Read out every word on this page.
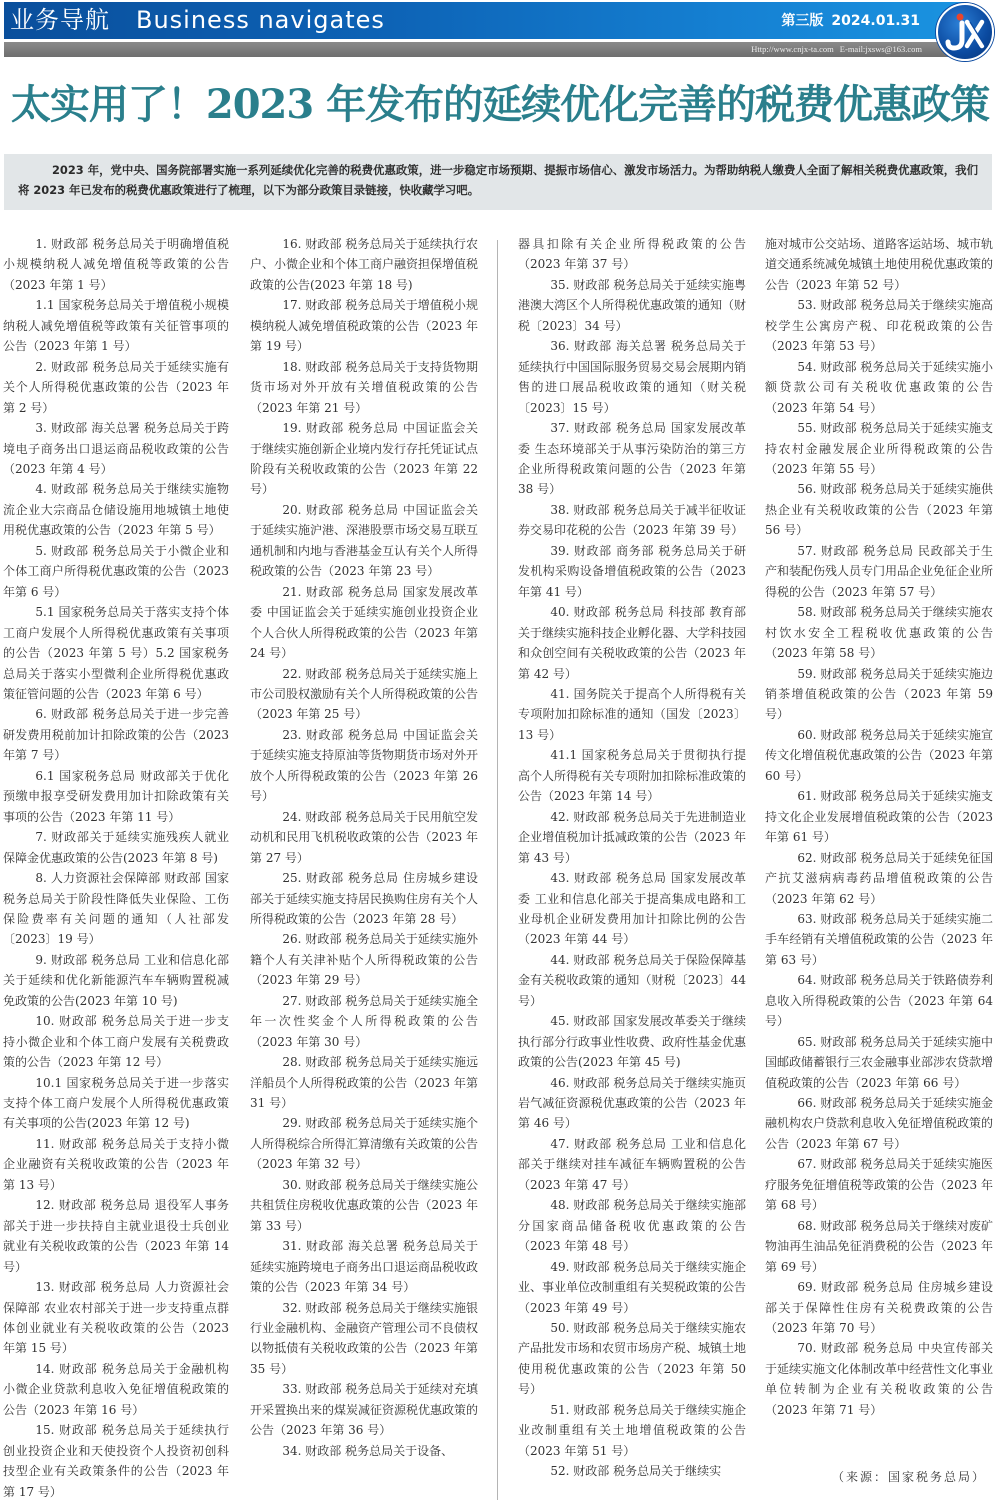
业务导航 Business navigates	第三版 2024.01.31
Http://www.cnjx-ta.com E-mail:jxsws@163.com
太实用了！2023 年发布的延续优化完善的税费优惠政策
2023 年，党中央、国务院部署实施一系列延续优化完善的税费优惠政策，进一步稳定市场预期、提振市场信心、激发市场活力。为帮助纳税人缴费人全面了解相关税费优惠政策，我们将 2023 年已发布的税费优惠政策进行了梳理，以下为部分政策目录链接，快收藏学习吧。

1. 财政部 税务总局关于明确增值税小规模纳税人减免增值税等政策的公告（2023 年第 1 号）

1.1 国家税务总局关于增值税小规模纳税人减免增值税等政策有关征管事项的公告（2023 年第 1 号）

2. 财政部 税务总局关于延续实施有关个人所得税优惠政策的公告（2023 年第 2 号）

3. 财政部 海关总署 税务总局关于跨境电子商务出口退运商品税收政策的公告（2023 年第 4 号）

4. 财政部 税务总局关于继续实施物流企业大宗商品仓储设施用地城镇土地使用税优惠政策的公告（2023 年第 5 号）

5. 财政部 税务总局关于小微企业和个体工商户所得税优惠政策的公告（2023 年第 6 号）

5.1 国家税务总局关于落实支持个体工商户发展个人所得税优惠政策有关事项的公告（2023 年第 5 号）5.2 国家税务总局关于落实小型微利企业所得税优惠政策征管问题的公告（2023 年第 6 号）

6. 财政部 税务总局关于进一步完善研发费用税前加计扣除政策的公告（2023 年第 7 号）

6.1 国家税务总局 财政部关于优化预缴申报享受研发费用加计扣除政策有关事项的公告（2023 年第 11 号）

7. 财政部关于延续实施残疾人就业保障金优惠政策的公告(2023 年第 8 号)

8. 人力资源社会保障部 财政部 国家税务总局关于阶段性降低失业保险、工伤保险费率有关问题的通知（人社部发〔2023〕19 号）

9. 财政部 税务总局 工业和信息化部关于延续和优化新能源汽车车辆购置税减免政策的公告(2023 年第 10 号)

10. 财政部 税务总局关于进一步支持小微企业和个体工商户发展有关税费政策的公告（2023 年第 12 号）

10.1 国家税务总局关于进一步落实支持个体工商户发展个人所得税优惠政策有关事项的公告(2023 年第 12 号)

11. 财政部 税务总局关于支持小微企业融资有关税收政策的公告（2023 年第 13 号）

12. 财政部 税务总局 退役军人事务部关于进一步扶持自主就业退役士兵创业就业有关税收政策的公告（2023 年第 14 号）

13. 财政部 税务总局 人力资源社会保障部 农业农村部关于进一步支持重点群体创业就业有关税收政策的公告（2023 年第 15 号）

14. 财政部 税务总局关于金融机构小微企业贷款利息收入免征增值税政策的公告（2023 年第 16 号）

15. 财政部 税务总局关于延续执行创业投资企业和天使投资个人投资初创科技型企业有关政策条件的公告（2023 年第 17 号）

16. 财政部 税务总局关于延续执行农户、小微企业和个体工商户融资担保增值税政策的公告(2023 年第 18 号)

17. 财政部 税务总局关于增值税小规模纳税人减免增值税政策的公告（2023 年第 19 号）

18. 财政部 税务总局关于支持货物期货市场对外开放有关增值税政策的公告（2023 年第 21 号）

19. 财政部 税务总局 中国证监会关于继续实施创新企业境内发行存托凭证试点阶段有关税收政策的公告（2023 年第 22 号）

20. 财政部 税务总局 中国证监会关于延续实施沪港、深港股票市场交易互联互通机制和内地与香港基金互认有关个人所得税政策的公告（2023 年第 23 号）

21. 财政部 税务总局 国家发展改革委 中国证监会关于延续实施创业投资企业个人合伙人所得税政策的公告（2023 年第 24 号）

22. 财政部 税务总局关于延续实施上市公司股权激励有关个人所得税政策的公告（2023 年第 25 号）

23. 财政部 税务总局 中国证监会关于延续实施支持原油等货物期货市场对外开放个人所得税政策的公告（2023 年第 26 号）

24. 财政部 税务总局关于民用航空发动机和民用飞机税收政策的公告（2023 年第 27 号）

25. 财政部 税务总局 住房城乡建设部关于延续实施支持居民换购住房有关个人所得税政策的公告（2023 年第 28 号）

26. 财政部 税务总局关于延续实施外籍个人有关津补贴个人所得税政策的公告（2023 年第 29 号）

27. 财政部 税务总局关于延续实施全年一次性奖金个人所得税政策的公告（2023 年第 30 号）

28. 财政部 税务总局关于延续实施远洋船员个人所得税政策的公告（2023 年第 31 号）

29. 财政部 税务总局关于延续实施个人所得税综合所得汇算清缴有关政策的公告（2023 年第 32 号）

30. 财政部 税务总局关于继续实施公共租赁住房税收优惠政策的公告（2023 年第 33 号）

31. 财政部 海关总署 税务总局关于延续实施跨境电子商务出口退运商品税收政策的公告（2023 年第 34 号）

32. 财政部 税务总局关于继续实施银行业金融机构、金融资产管理公司不良债权以物抵债有关税收政策的公告（2023 年第 35 号）

33. 财政部 税务总局关于延续对充填开采置换出来的煤炭减征资源税优惠政策的公告（2023 年第 36 号）

34. 财政部 税务总局关于设备、

器具扣除有关企业所得税政策的公告（2023 年第 37 号）

35. 财政部 税务总局关于延续实施粤港澳大湾区个人所得税优惠政策的通知（财税〔2023〕34 号）

36. 财政部 海关总署 税务总局关于延续执行中国国际服务贸易交易会展期内销售的进口展品税收政策的通知（财关税〔2023〕15 号）

37. 财政部 税务总局 国家发展改革委 生态环境部关于从事污染防治的第三方企业所得税政策问题的公告（2023 年第 38 号）

38. 财政部 税务总局关于减半征收证券交易印花税的公告（2023 年第 39 号）

39. 财政部 商务部 税务总局关于研发机构采购设备增值税政策的公告（2023 年第 41 号）

40. 财政部 税务总局 科技部 教育部关于继续实施科技企业孵化器、大学科技园和众创空间有关税收政策的公告（2023 年第 42 号）

41. 国务院关于提高个人所得税有关专项附加扣除标准的通知（国发〔2023〕13 号）

41.1 国家税务总局关于贯彻执行提高个人所得税有关专项附加扣除标准政策的公告（2023 年第 14 号）

42. 财政部 税务总局关于先进制造业企业增值税加计抵减政策的公告（2023 年第 43 号）

43. 财政部 税务总局 国家发展改革委 工业和信息化部关于提高集成电路和工业母机企业研发费用加计扣除比例的公告（2023 年第 44 号）

44. 财政部 税务总局关于保险保障基金有关税收政策的通知（财税〔2023〕44 号）

45. 财政部 国家发展改革委关于继续执行部分行政事业性收费、政府性基金优惠政策的公告(2023 年第 45 号)

46. 财政部 税务总局关于继续实施页岩气减征资源税优惠政策的公告（2023 年第 46 号）

47. 财政部 税务总局 工业和信息化部关于继续对挂车减征车辆购置税的公告（2023 年第 47 号）

48. 财政部 税务总局关于继续实施部分国家商品储备税收优惠政策的公告（2023 年第 48 号）

49. 财政部 税务总局关于继续实施企业、事业单位改制重组有关契税政策的公告（2023 年第 49 号）

50. 财政部 税务总局关于继续实施农产品批发市场和农贸市场房产税、城镇土地使用税优惠政策的公告（2023 年第 50 号）

51. 财政部 税务总局关于继续实施企业改制重组有关土地增值税政策的公告（2023 年第 51 号）

52. 财政部 税务总局关于继续实

施对城市公交站场、道路客运站场、城市轨道交通系统减免城镇土地使用税优惠政策的公告（2023 年第 52 号）

53. 财政部 税务总局关于继续实施高校学生公寓房产税、印花税政策的公告（2023 年第 53 号）

54. 财政部 税务总局关于延续实施小额贷款公司有关税收优惠政策的公告（2023 年第 54 号）

55. 财政部 税务总局关于延续实施支持农村金融发展企业所得税政策的公告（2023 年第 55 号）

56. 财政部 税务总局关于延续实施供热企业有关税收政策的公告（2023 年第 56 号）

57. 财政部 税务总局 民政部关于生产和装配伤残人员专门用品企业免征企业所得税的公告（2023 年第 57 号）

58. 财政部 税务总局关于继续实施农村饮水安全工程税收优惠政策的公告（2023 年第 58 号）

59. 财政部 税务总局关于延续实施边销茶增值税政策的公告（2023 年第 59 号）

60. 财政部 税务总局关于延续实施宣传文化增值税优惠政策的公告（2023 年第 60 号）

61. 财政部 税务总局关于延续实施支持文化企业发展增值税政策的公告（2023 年第 61 号）

62. 财政部 税务总局关于延续免征国产抗艾滋病病毒药品增值税政策的公告（2023 年第 62 号）

63. 财政部 税务总局关于延续实施二手车经销有关增值税政策的公告（2023 年第 63 号）

64. 财政部 税务总局关于铁路债券利息收入所得税政策的公告（2023 年第 64 号）

65. 财政部 税务总局关于延续实施中国邮政储蓄银行三农金融事业部涉农贷款增值税政策的公告（2023 年第 66 号）

66. 财政部 税务总局关于延续实施金融机构农户贷款利息收入免征增值税政策的公告（2023 年第 67 号）

67. 财政部 税务总局关于延续实施医疗服务免征增值税等政策的公告（2023 年第 68 号）

68. 财政部 税务总局关于继续对废矿物油再生油品免征消费税的公告（2023 年第 69 号）

69. 财政部 税务总局 住房城乡建设部关于保障性住房有关税费政策的公告（2023 年第 70 号）

70. 财政部 税务总局 中央宣传部关于延续实施文化体制改革中经营性文化事业单位转制为企业有关税收政策的公告（2023 年第 71 号）

（来源：国家税务总局）
